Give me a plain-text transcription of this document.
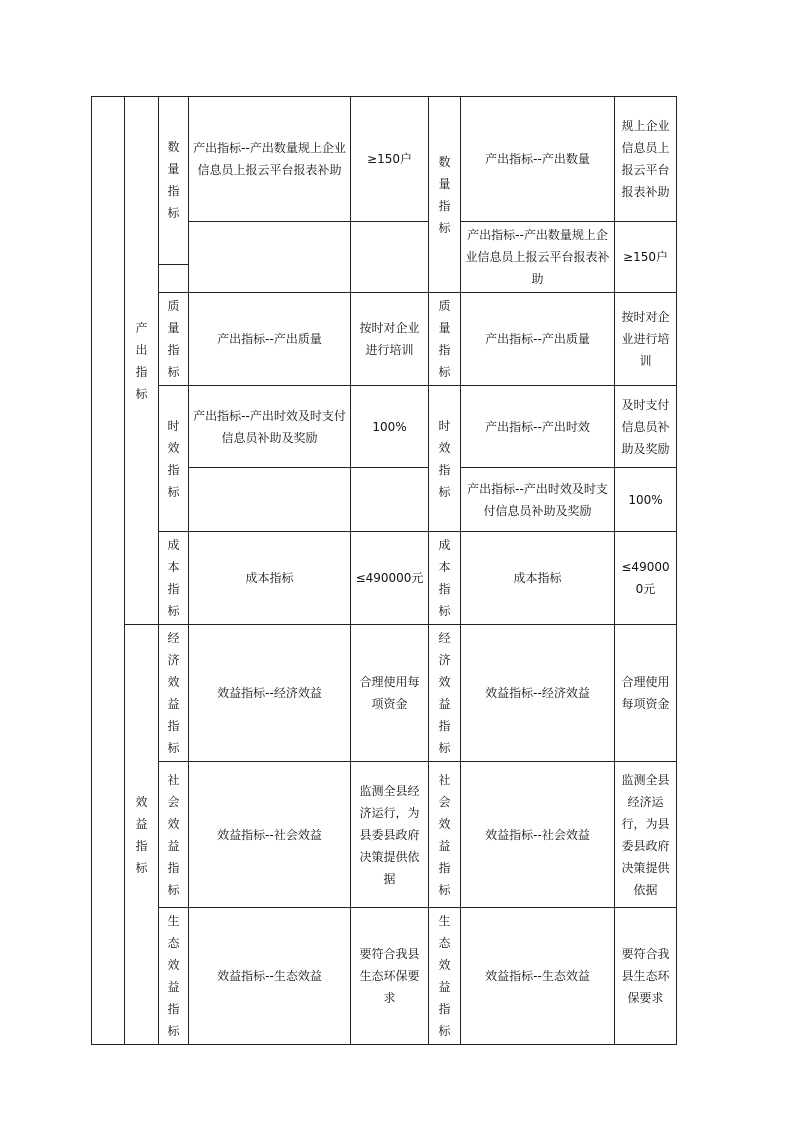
	产出指标	数量指标	产出指标--产出数量规上企业信息员上报云平台报表补助	≥150户	数量指标	产出指标--产出数量	规上企业信息员上报云平台报表补助
						产出指标--产出数量规上企业信息员上报云平台报表补助	≥150户

		质量指标	产出指标--产出质量	按时对企业进行培训	质量指标	产出指标--产出质量	按时对企业进行培训
		时效指标	产出指标--产出时效及时支付信息员补助及奖励	100%	时效指标	产出指标--产出时效	及时支付信息员补助及奖励
						产出指标--产出时效及时支付信息员补助及奖励	100%
		成本指标	成本指标	≤490000元	成本指标	成本指标	≤490000元
	效益指标	经济效益指标	效益指标--经济效益	合理使用每项资金	经济效益指标	效益指标--经济效益	合理使用每项资金
		社会效益指标	效益指标--社会效益	监测全县经济运行，为县委县政府决策提供依据	社会效益指标	效益指标--社会效益	监测全县经济运行，为县委县政府决策提供依据
		生态效益指标	效益指标--生态效益	要符合我县生态环保要求	生态效益指标	效益指标--生态效益	要符合我县生态环保要求
